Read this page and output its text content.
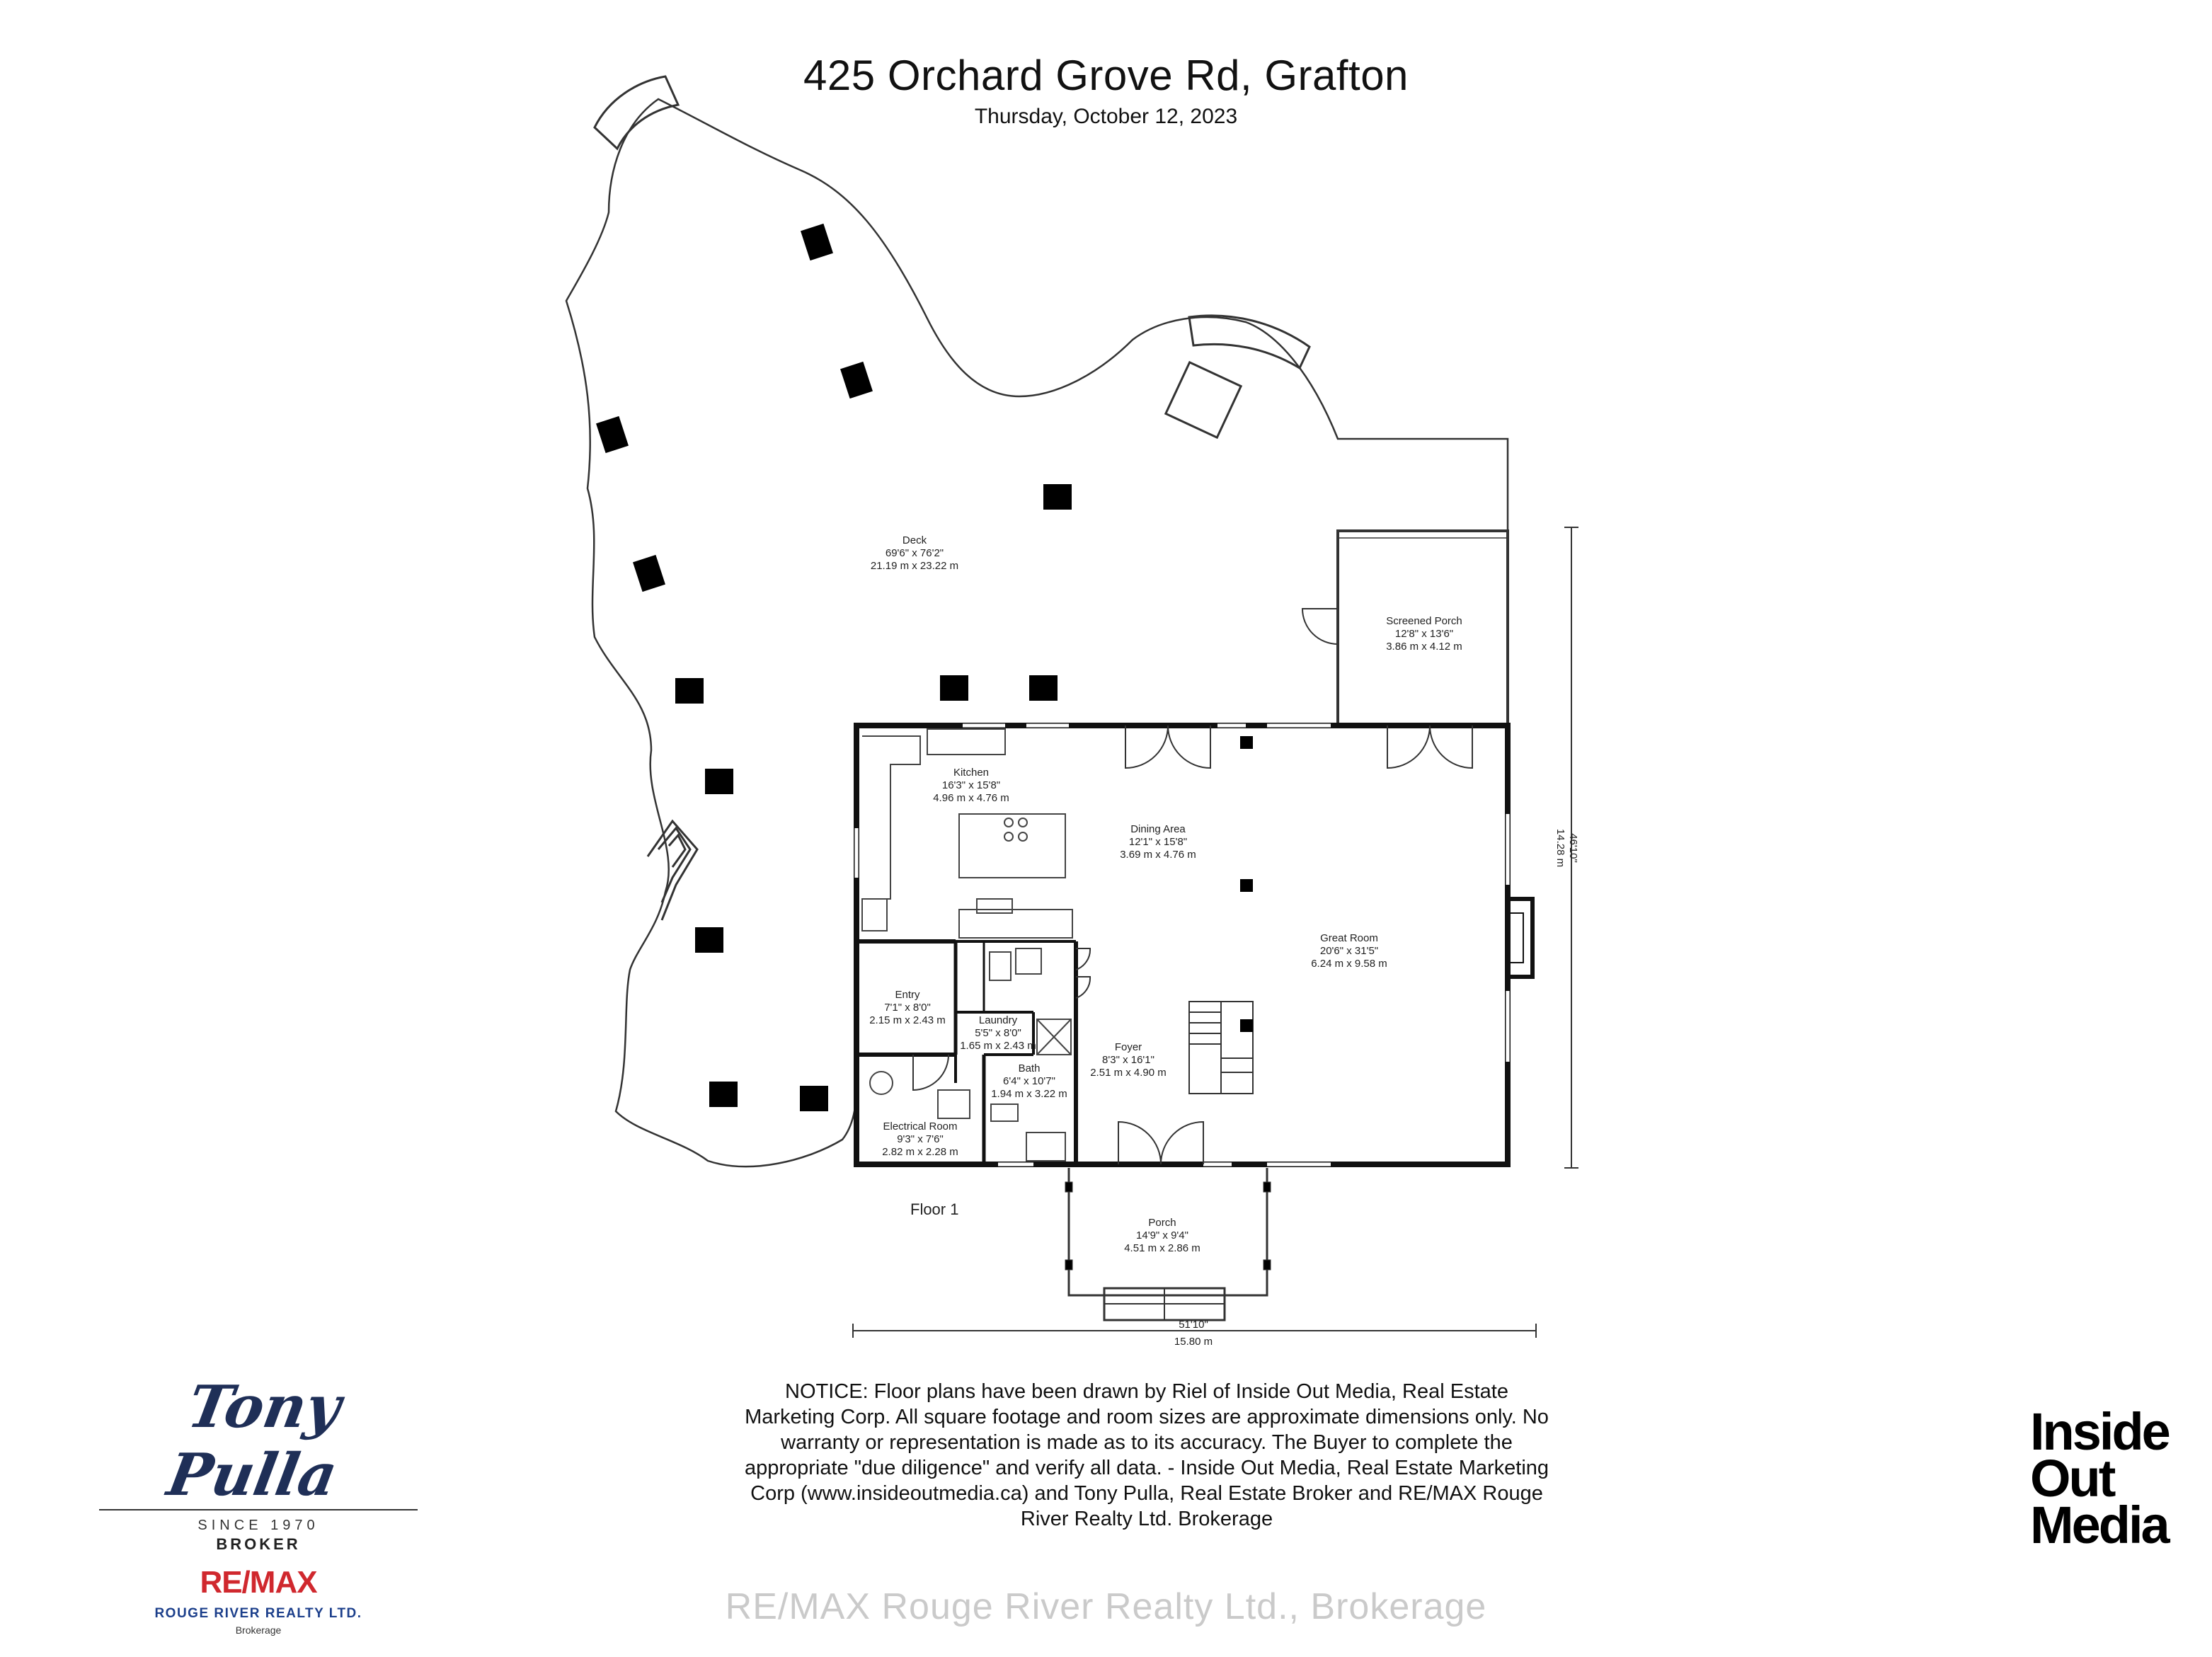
425 Orchard Grove Rd, Grafton
Thursday, October 12, 2023
Deck
69'6" x 76'2"
21.19 m x 23.22 m
Screened Porch
12'8" x 13'6"
3.86 m x 4.12 m
Kitchen
16'3" x 15'8"
4.96 m x 4.76 m
Dining Area
12'1" x 15'8"
3.69 m x 4.76 m
Great Room
20'6" x 31'5"
6.24 m x 9.58 m
Entry
7'1" x 8'0"
2.15 m x 2.43 m	Laundry
5'5" x 8'0"
1.65 m x 2.43 m	Foyer
8'3" x 16'1"
2.51 m x 4.90 m
Bath
6'4" x 10'7"
1.94 m x 3.22 m
Electrical Room
9'3" x 7'6"
2.82 m x 2.28 m
Porch
14'9" x 9'4"
4.51 m x 2.86 m
Floor 1
51'10"
15.80 m
46'10"
14.28 m
NOTICE: Floor plans have been drawn by Riel of Inside Out Media, Real Estate Marketing Corp. All square footage and room sizes are approximate dimensions only. No warranty or representation is made as to its accuracy. The Buyer to complete the appropriate "due diligence" and verify all data. - Inside Out Media, Real Estate Marketing Corp (www.insideoutmedia.ca) and Tony Pulla, Real Estate Broker and RE/MAX Rouge River Realty Ltd. Brokerage
Tony Pulla
SINCE 1970
BROKER
RE/MAX
ROUGE RIVER REALTY LTD.
Brokerage
Inside
Out
Media
RE/MAX Rouge River Realty Ltd., Brokerage
